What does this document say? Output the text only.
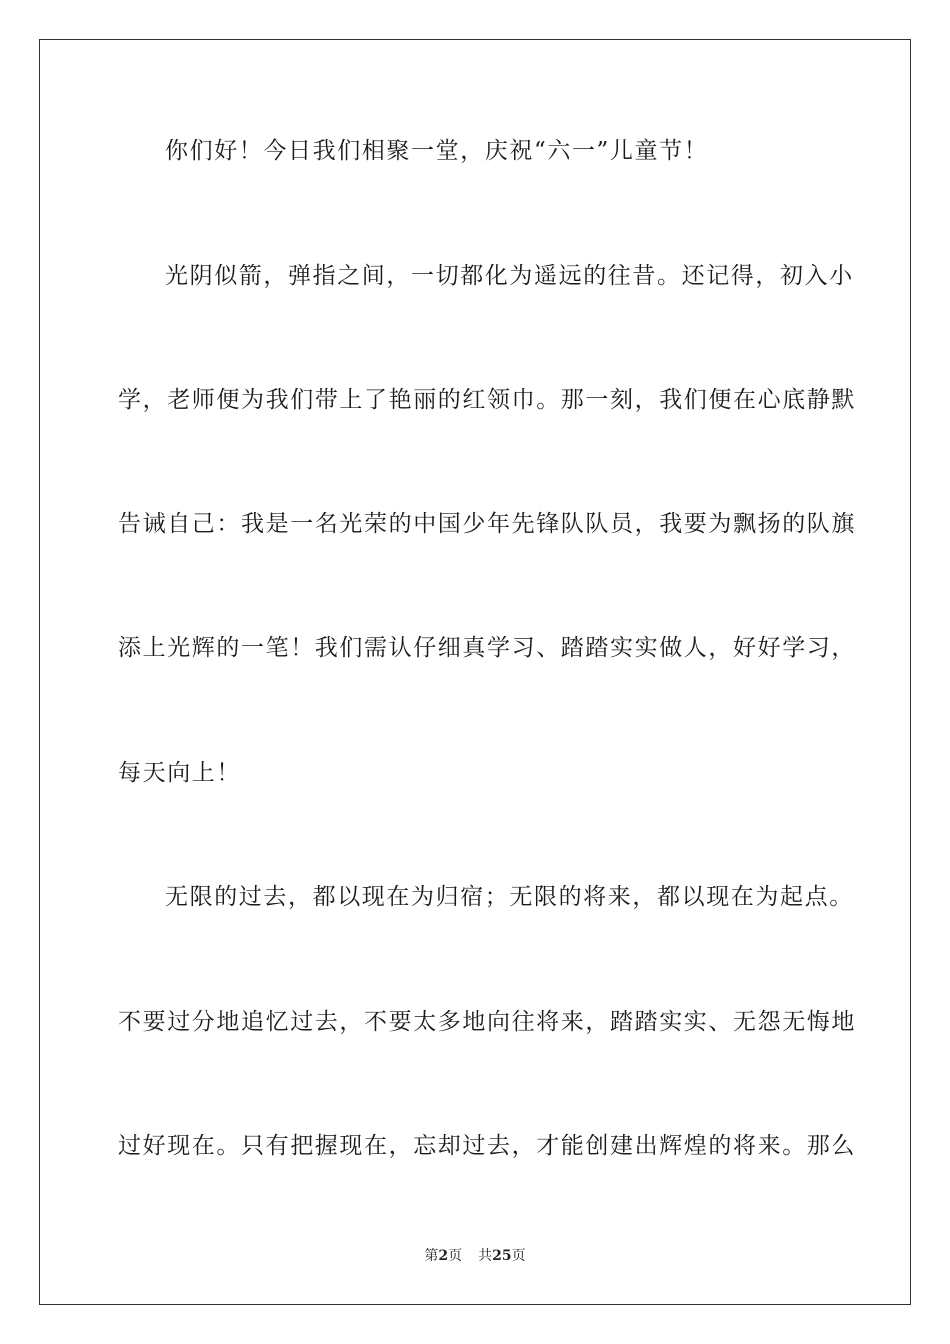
你们好！今日我们相聚一堂，庆祝“六一”儿童节！
光阴似箭，弹指之间，一切都化为遥远的往昔。还记得，初入小
学，老师便为我们带上了艳丽的红领巾。那一刻，我们便在心底静默
告诫自己：我是一名光荣的中国少年先锋队队员，我要为飘扬的队旗
添上光辉的一笔！我们需认仔细真学习、踏踏实实做人，好好学习，
每天向上！
无限的过去，都以现在为归宿；无限的将来，都以现在为起点。
不要过分地追忆过去，不要太多地向往将来，踏踏实实、无怨无悔地
过好现在。只有把握现在，忘却过去，才能创建出辉煌的将来。那么
第2页 共25页
